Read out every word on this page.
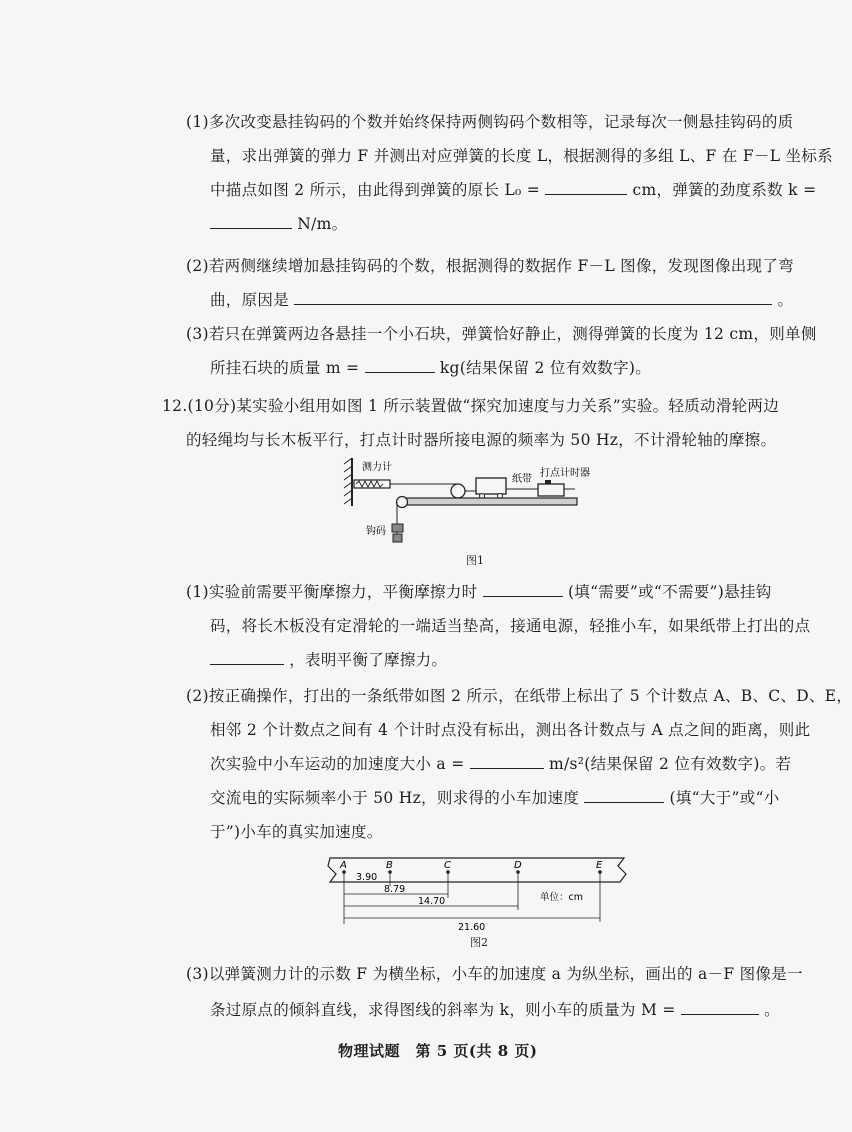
(1)多次改变悬挂钩码的个数并始终保持两侧钩码个数相等，记录每次一侧悬挂钩码的质
量，求出弹簧的弹力 F 并测出对应弹簧的长度 L，根据测得的多组 L、F 在 F－L 坐标系
中描点如图 2 所示，由此得到弹簧的原长 L₀ =	cm，弹簧的劲度系数 k =
N/m。
(2)若两侧继续增加悬挂钩码的个数，根据测得的数据作 F－L 图像，发现图像出现了弯
曲，原因是	。
(3)若只在弹簧两边各悬挂一个小石块，弹簧恰好静止，测得弹簧的长度为 12 cm，则单侧
所挂石块的质量 m =	kg(结果保留 2 位有效数字)。
12.(10分)某实验小组用如图 1 所示装置做“探究加速度与力关系”实验。轻质动滑轮两边
的轻绳均与长木板平行，打点计时器所接电源的频率为 50 Hz，不计滑轮轴的摩擦。
测力计
纸带
打点计时器
钩码
图1
(1)实验前需要平衡摩擦力，平衡摩擦力时	(填“需要”或“不需要”)悬挂钩
码，将长木板没有定滑轮的一端适当垫高，接通电源，轻推小车，如果纸带上打出的点
，表明平衡了摩擦力。
(2)按正确操作，打出的一条纸带如图 2 所示，在纸带上标出了 5 个计数点 A、B、C、D、E，
相邻 2 个计数点之间有 4 个计时点没有标出，测出各计数点与 A 点之间的距离，则此
次实验中小车运动的加速度大小 a =	m/s²(结果保留 2 位有效数字)。若
交流电的实际频率小于 50 Hz，则求得的小车加速度	(填“大于”或“小
于”)小车的真实加速度。
A	B	C	D	E
3.90
8.79
14.70
21.60
单位：cm
图2
(3)以弹簧测力计的示数 F 为横坐标，小车的加速度 a 为纵坐标，画出的 a－F 图像是一
条过原点的倾斜直线，求得图线的斜率为 k，则小车的质量为 M =	。
物理试题　第 5 页(共 8 页)
